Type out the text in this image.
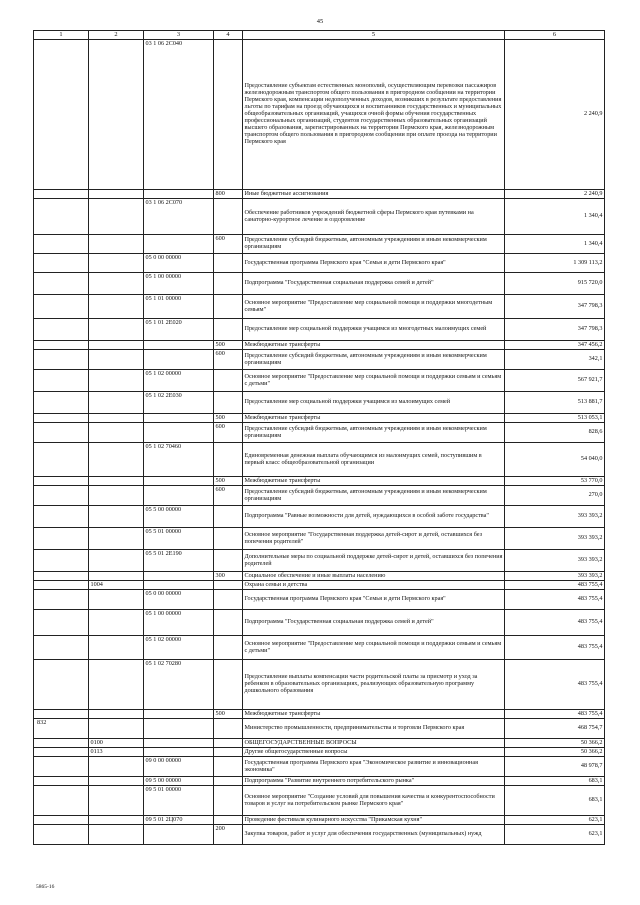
45
1	2	3	4	5	6
		03 1 06 2С040		Предоставление субъектам естественных монополий, осуществляющим перевозки пассажиров железнодорожным транспортом общего пользования в пригородном сообщении на территории Пермского края, компенсации недополученных доходов, возникших в результате предоставления льготы по тарифам на проезд обучающихся и воспитанников государственных и муниципальных общеобразовательных организаций, учащихся очной формы обучения государственных профессиональных организаций, студентов государственных образовательных организаций высшего образования, зарегистрированных на территории Пермского края, железнодорожным транспортом общего пользования в пригородном сообщении при оплате проезда на территории Пермского края	2 240,9
			800	Иные бюджетные ассигнования	2 240,9
		03 1 06 2С070		Обеспечение работников учреждений бюджетной сферы Пермского края путевками на санаторно-курортное лечение и оздоровление	1 340,4
			600	Предоставление субсидий бюджетным, автономным учреждениям и иным некоммерческим организациям	1 340,4
		05 0 00 00000		Государственная программа Пермского края "Семья и дети Пермского края"	1 309 113,2
		05 1 00 00000		Подпрограмма "Государственная социальная поддержка семей и детей"	915 720,0
		05 1 01 00000		Основное мероприятие "Предоставление мер социальной помощи и поддержки многодетным семьям"	347 798,3
		05 1 01 2Е020		Предоставление мер социальной поддержки учащимся из многодетных малоимущих семей	347 798,3
			500	Межбюджетные трансферты	347 456,2
			600	Предоставление субсидий бюджетным, автономным учреждениям и иным некоммерческим организациям	342,1
		05 1 02 00000		Основное мероприятие "Предоставление мер социальной помощи и поддержки семьям и семьям с детьми"	567 921,7
		05 1 02 2Е030		Предоставление мер социальной поддержки учащимся из малоимущих семей	513 881,7
			500	Межбюджетные трансферты	513 053,1
			600	Предоставление субсидий бюджетным, автономным учреждениям и иным некоммерческим организациям	828,6
		05 1 02 70460		Единовременная денежная выплата обучающимся из малоимущих семей, поступившим в первый класс общеобразовательной организации	54 040,0
			500	Межбюджетные трансферты	53 770,0
			600	Предоставление субсидий бюджетным, автономным учреждениям и иным некоммерческим организациям	270,0
		05 5 00 00000		Подпрограмма "Равные возможности для детей, нуждающихся в особой заботе государства"	393 393,2
		05 5 01 00000		Основное мероприятие "Государственная поддержка детей-сирот и детей, оставшихся без попечения родителей"	393 393,2
		05 5 01 2Е190		Дополнительные меры по социальной поддержке детей-сирот и детей, оставшихся без попечения родителей	393 393,2
			300	Социальное обеспечение и иные выплаты населению	393 393,2
	1004			Охрана семьи и детства	483 755,4
		05 0 00 00000		Государственная программа Пермского края "Семья и дети Пермского края"	483 755,4
		05 1 00 00000		Подпрограмма "Государственная социальная поддержка семей и детей"	483 755,4
		05 1 02 00000		Основное мероприятие "Предоставление мер социальной помощи и поддержки семьям и семьям с детьми"	483 755,4
		05 1 02 70280		Предоставление выплаты компенсации части родительской платы за присмотр и уход за ребенком в образовательных организациях, реализующих образовательную программу дошкольного образования	483 755,4
			500	Межбюджетные трансферты	483 755,4
832				Министерство промышленности, предпринимательства и торговли Пермского края	468 754,7
	0100			ОБЩЕГОСУДАРСТВЕННЫЕ ВОПРОСЫ	50 366,2
	0113			Другие общегосударственные вопросы	50 366,2
		09 0 00 00000		Государственная программа Пермского края "Экономическое развитие и инновационная экономика"	48 978,7
		09 5 00 00000		Подпрограмма "Развитие внутреннего потребительского рынка"	683,1
		09 5 01 00000		Основное мероприятие "Создание условий для повышения качества и конкурентоспособности товаров и услуг на потребительском рынке Пермского края"	683,1
		09 5 01 2Ц070		Проведение фестиваля кулинарного искусства "Прикамская кухня"	623,1
			200	Закупка товаров, работ и услуг для обеспечения государственных (муниципальных) нужд	623,1
5865-16
